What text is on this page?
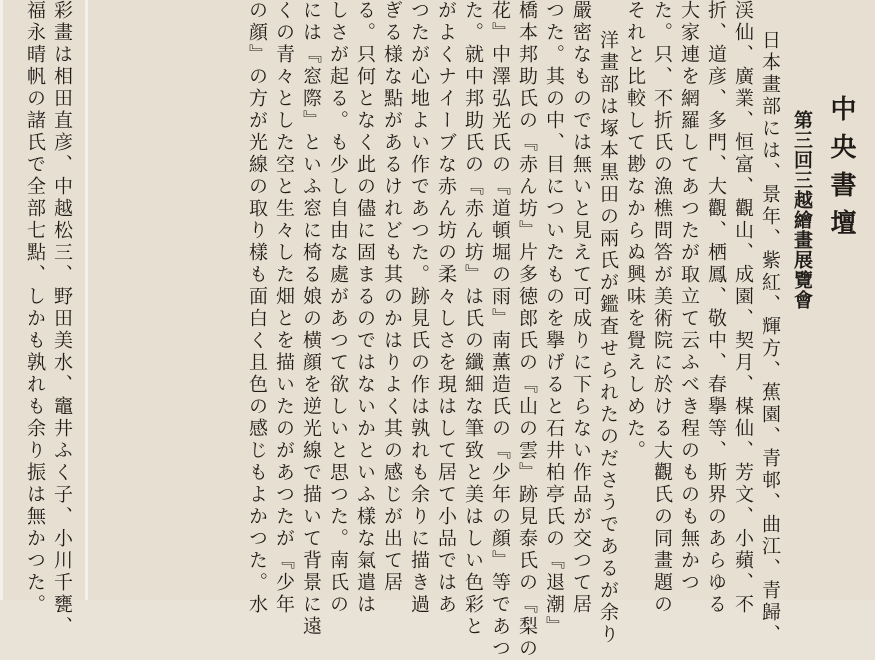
中央書壇
第三回三越繪畫展覽會
日本畫部には、景年、紫紅、輝方、蕉園、青邨、曲江、青歸、
渓仙、廣業、恒富、觀山、成園、契月、楳仙、芳文、小蘋、不
折、道彦、多門、大觀、栖鳳、敬中、春擧等、斯界のあらゆる
大家連を網羅してあつたが取立て云ふべき程のものも無かつ
た。只、不折氏の漁樵問答が美術院に於ける大觀氏の同畫題の
それと比較して尠なからぬ興味を覺えしめた。
洋畫部は塚本黒田の兩氏が鑑査せられたのださうであるが余り
嚴密なものでは無いと見えて可成りに下らない作品が交つて居
つた。其の中、目についたものを擧げると石井柏亭氏の『退潮』
橋本邦助氏の『赤ん坊』片多徳郎氏の『山の雲』跡見泰氏の『梨の
花』中澤弘光氏の『道頓堀の雨』南薫造氏の『少年の顔』等であつ
た。就中邦助氏の『赤ん坊』は氏の纖細な筆致と美はしい色彩と
がよくナイーブな赤ん坊の柔々しさを現はして居て小品ではあ
つたが心地よい作であつた。跡見氏の作は孰れも余りに描き過
ぎる様な點があるけれども其のかはりよく其の感じが出て居
る。只何となく此の儘に固まるのではないかといふ樣な氣遣は
しさが起る。も少し自由な處があつて欲しいと思つた。南氏の
には『窓際』といふ窓に椅る娘の横顔を逆光線で描いて背景に遠
くの青々とした空と生々した畑とを描いたのがあつたが『少年
の顔』の方が光線の取り樣も面白く且色の感じもよかつた。水
彩畫は相田直彦、中越松三、野田美水、竈井ふく子、小川千甕、
福永晴帆の諸氏で全部七點、しかも孰れも余り振は無かつた。
